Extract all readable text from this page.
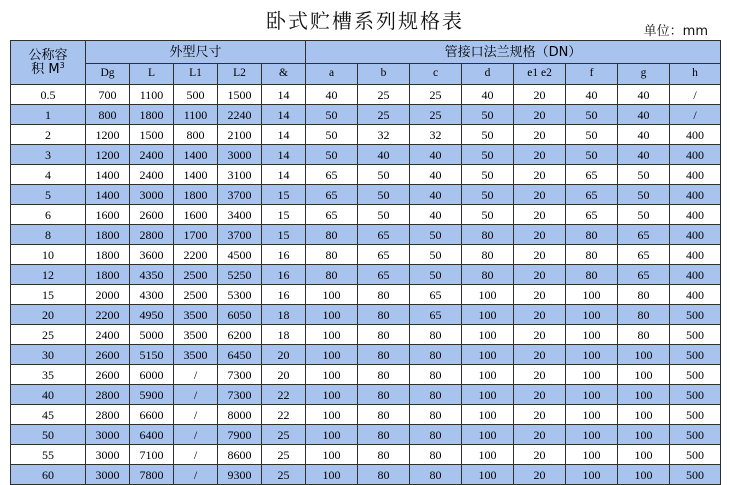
卧式贮槽系列规格表	单位：mm
公称容
积 $M^3$	外型尺寸					管接口法兰规格（DN）							
	Dg	L	L1	L2	&	a	b	c	d	e1 e2	f	g	h
0.5	700	1100	500	1500	14	40	25	25	40	20	40	40	/
1	800	1800	1100	2240	14	50	25	25	50	20	50	40	/
2	1200	1500	800	2100	14	50	32	32	50	20	50	40	400
3	1200	2400	1400	3000	14	50	40	40	50	20	50	40	400
4	1400	2400	1400	3100	14	65	50	40	50	20	65	50	400
5	1400	3000	1800	3700	15	65	50	40	50	20	65	50	400
6	1600	2600	1600	3400	15	65	50	40	50	20	65	50	400
8	1800	2800	1700	3700	15	80	65	50	80	20	80	65	400
10	1800	3600	2200	4500	16	80	65	50	80	20	80	65	400
12	1800	4350	2500	5250	16	80	65	50	80	20	80	65	400
15	2000	4300	2500	5300	16	100	80	65	100	20	100	80	400
20	2200	4950	3500	6050	18	100	80	65	100	20	100	80	500
25	2400	5000	3500	6200	18	100	80	80	100	20	100	80	500
30	2600	5150	3500	6450	20	100	80	80	100	20	100	100	500
35	2600	6000	/	7300	20	100	80	80	100	20	100	100	500
40	2800	5900	/	7300	22	100	80	80	100	20	100	100	500
45	2800	6600	/	8000	22	100	80	80	100	20	100	100	500
50	3000	6400	/	7900	25	100	80	80	100	20	100	100	500
55	3000	7100	/	8600	25	100	80	80	100	20	100	100	500
60	3000	7800	/	9300	25	100	80	80	100	20	100	100	500
